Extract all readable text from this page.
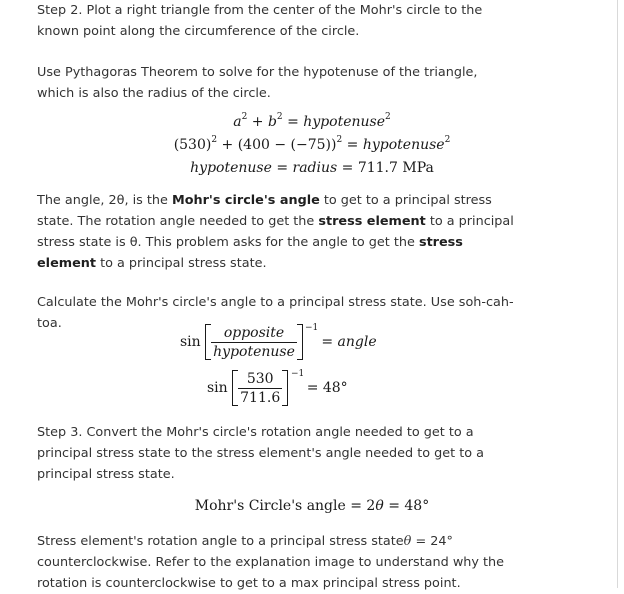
Step 2. Plot a right triangle from the center of the Mohr's circle to the known point along the circumference of the circle.

Use Pythagoras Theorem to solve for the hypotenuse of the triangle, which is also the radius of the circle.

$a^2 + b^2$ = hypotenuse$^2$
$(530)^2 + (400 - (-75))^2$ = hypotenuse$^2$
hypotenuse = radius = 711.7 MPa

The angle, 2θ, is the Mohr's circle's angle to get to a principal stress state. The rotation angle needed to get the stress element to a principal stress state is θ. This problem asks for the angle to get the stress element to a principal stress state.

Calculate the Mohr's circle's angle to a principal stress state. Use soh-cah-toa.

$\sin \frac{\text{opposite}}{\text{hypotenuse}}$
−1
= angle
$\sin \frac{530}{711.6}$
−1
= 48°

Step 3. Convert the Mohr's circle's rotation angle needed to get to a principal stress state to the stress element's angle needed to get to a principal stress state.

Mohr's Circle's angle = 2θ = 48°

Stress element's rotation angle to a principal stress stateθ = 24° counterclockwise. Refer to the explanation image to understand why the rotation is counterclockwise to get to a max principal stress point.
